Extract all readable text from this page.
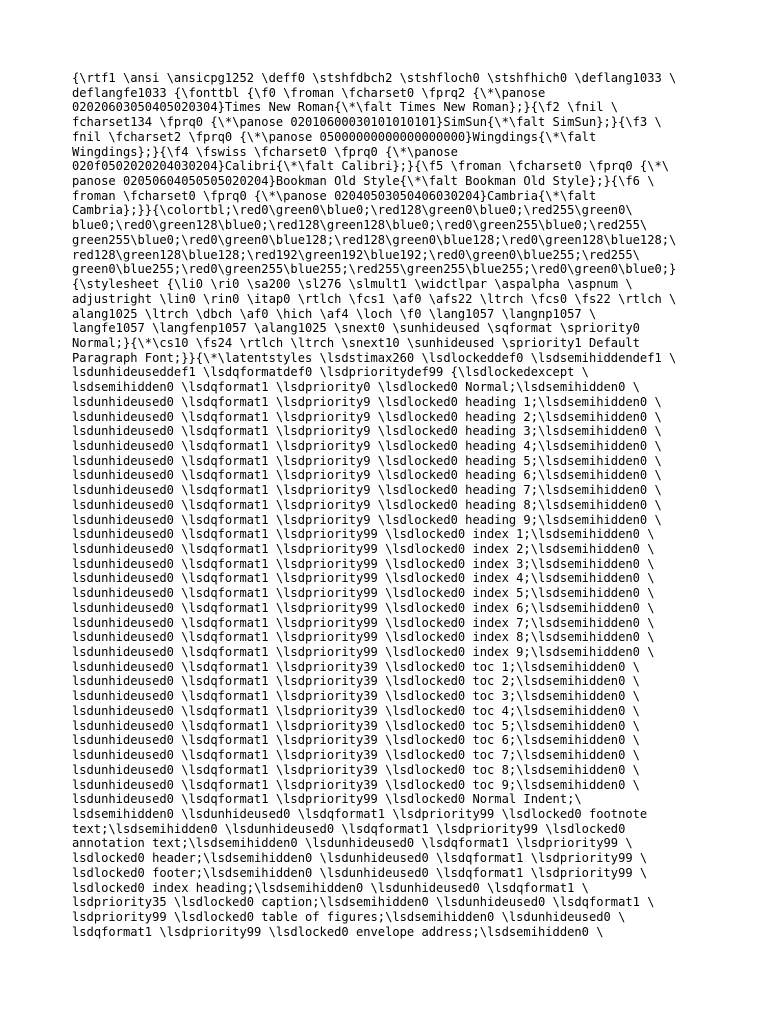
{\rtf1 \ansi \ansicpg1252 \deff0 \stshfdbch2 \stshfloch0 \stshfhich0 \deflang1033 \
deflangfe1033 {\fonttbl {\f0 \froman \fcharset0 \fprq2 {\*\panose
02020603050405020304}Times New Roman{\*\falt Times New Roman};}{\f2 \fnil \
fcharset134 \fprq0 {\*\panose 02010600030101010101}SimSun{\*\falt SimSun};}{\f3 \
fnil \fcharset2 \fprq0 {\*\panose 05000000000000000000}Wingdings{\*\falt
Wingdings};}{\f4 \fswiss \fcharset0 \fprq0 {\*\panose
020f0502020204030204}Calibri{\*\falt Calibri};}{\f5 \froman \fcharset0 \fprq0 {\*\
panose 02050604050505020204}Bookman Old Style{\*\falt Bookman Old Style};}{\f6 \
froman \fcharset0 \fprq0 {\*\panose 02040503050406030204}Cambria{\*\falt
Cambria};}}{\colortbl;\red0\green0\blue0;\red128\green0\blue0;\red255\green0\
blue0;\red0\green128\blue0;\red128\green128\blue0;\red0\green255\blue0;\red255\
green255\blue0;\red0\green0\blue128;\red128\green0\blue128;\red0\green128\blue128;\
red128\green128\blue128;\red192\green192\blue192;\red0\green0\blue255;\red255\
green0\blue255;\red0\green255\blue255;\red255\green255\blue255;\red0\green0\blue0;}
{\stylesheet {\li0 \ri0 \sa200 \sl276 \slmult1 \widctlpar \aspalpha \aspnum \
adjustright \lin0 \rin0 \itap0 \rtlch \fcs1 \af0 \afs22 \ltrch \fcs0 \fs22 \rtlch \
alang1025 \ltrch \dbch \af0 \hich \af4 \loch \f0 \lang1057 \langnp1057 \
langfe1057 \langfenp1057 \alang1025 \snext0 \sunhideused \sqformat \spriority0
Normal;}{\*\cs10 \fs24 \rtlch \ltrch \snext10 \sunhideused \spriority1 Default
Paragraph Font;}}{\*\latentstyles \lsdstimax260 \lsdlockeddef0 \lsdsemihiddendef1 \
lsdunhideuseddef1 \lsdqformatdef0 \lsdprioritydef99 {\lsdlockedexcept \
lsdsemihidden0 \lsdqformat1 \lsdpriority0 \lsdlocked0 Normal;\lsdsemihidden0 \
lsdunhideused0 \lsdqformat1 \lsdpriority9 \lsdlocked0 heading 1;\lsdsemihidden0 \
lsdunhideused0 \lsdqformat1 \lsdpriority9 \lsdlocked0 heading 2;\lsdsemihidden0 \
lsdunhideused0 \lsdqformat1 \lsdpriority9 \lsdlocked0 heading 3;\lsdsemihidden0 \
lsdunhideused0 \lsdqformat1 \lsdpriority9 \lsdlocked0 heading 4;\lsdsemihidden0 \
lsdunhideused0 \lsdqformat1 \lsdpriority9 \lsdlocked0 heading 5;\lsdsemihidden0 \
lsdunhideused0 \lsdqformat1 \lsdpriority9 \lsdlocked0 heading 6;\lsdsemihidden0 \
lsdunhideused0 \lsdqformat1 \lsdpriority9 \lsdlocked0 heading 7;\lsdsemihidden0 \
lsdunhideused0 \lsdqformat1 \lsdpriority9 \lsdlocked0 heading 8;\lsdsemihidden0 \
lsdunhideused0 \lsdqformat1 \lsdpriority9 \lsdlocked0 heading 9;\lsdsemihidden0 \
lsdunhideused0 \lsdqformat1 \lsdpriority99 \lsdlocked0 index 1;\lsdsemihidden0 \
lsdunhideused0 \lsdqformat1 \lsdpriority99 \lsdlocked0 index 2;\lsdsemihidden0 \
lsdunhideused0 \lsdqformat1 \lsdpriority99 \lsdlocked0 index 3;\lsdsemihidden0 \
lsdunhideused0 \lsdqformat1 \lsdpriority99 \lsdlocked0 index 4;\lsdsemihidden0 \
lsdunhideused0 \lsdqformat1 \lsdpriority99 \lsdlocked0 index 5;\lsdsemihidden0 \
lsdunhideused0 \lsdqformat1 \lsdpriority99 \lsdlocked0 index 6;\lsdsemihidden0 \
lsdunhideused0 \lsdqformat1 \lsdpriority99 \lsdlocked0 index 7;\lsdsemihidden0 \
lsdunhideused0 \lsdqformat1 \lsdpriority99 \lsdlocked0 index 8;\lsdsemihidden0 \
lsdunhideused0 \lsdqformat1 \lsdpriority99 \lsdlocked0 index 9;\lsdsemihidden0 \
lsdunhideused0 \lsdqformat1 \lsdpriority39 \lsdlocked0 toc 1;\lsdsemihidden0 \
lsdunhideused0 \lsdqformat1 \lsdpriority39 \lsdlocked0 toc 2;\lsdsemihidden0 \
lsdunhideused0 \lsdqformat1 \lsdpriority39 \lsdlocked0 toc 3;\lsdsemihidden0 \
lsdunhideused0 \lsdqformat1 \lsdpriority39 \lsdlocked0 toc 4;\lsdsemihidden0 \
lsdunhideused0 \lsdqformat1 \lsdpriority39 \lsdlocked0 toc 5;\lsdsemihidden0 \
lsdunhideused0 \lsdqformat1 \lsdpriority39 \lsdlocked0 toc 6;\lsdsemihidden0 \
lsdunhideused0 \lsdqformat1 \lsdpriority39 \lsdlocked0 toc 7;\lsdsemihidden0 \
lsdunhideused0 \lsdqformat1 \lsdpriority39 \lsdlocked0 toc 8;\lsdsemihidden0 \
lsdunhideused0 \lsdqformat1 \lsdpriority39 \lsdlocked0 toc 9;\lsdsemihidden0 \
lsdunhideused0 \lsdqformat1 \lsdpriority99 \lsdlocked0 Normal Indent;\
lsdsemihidden0 \lsdunhideused0 \lsdqformat1 \lsdpriority99 \lsdlocked0 footnote
text;\lsdsemihidden0 \lsdunhideused0 \lsdqformat1 \lsdpriority99 \lsdlocked0
annotation text;\lsdsemihidden0 \lsdunhideused0 \lsdqformat1 \lsdpriority99 \
lsdlocked0 header;\lsdsemihidden0 \lsdunhideused0 \lsdqformat1 \lsdpriority99 \
lsdlocked0 footer;\lsdsemihidden0 \lsdunhideused0 \lsdqformat1 \lsdpriority99 \
lsdlocked0 index heading;\lsdsemihidden0 \lsdunhideused0 \lsdqformat1 \
lsdpriority35 \lsdlocked0 caption;\lsdsemihidden0 \lsdunhideused0 \lsdqformat1 \
lsdpriority99 \lsdlocked0 table of figures;\lsdsemihidden0 \lsdunhideused0 \
lsdqformat1 \lsdpriority99 \lsdlocked0 envelope address;\lsdsemihidden0 \
